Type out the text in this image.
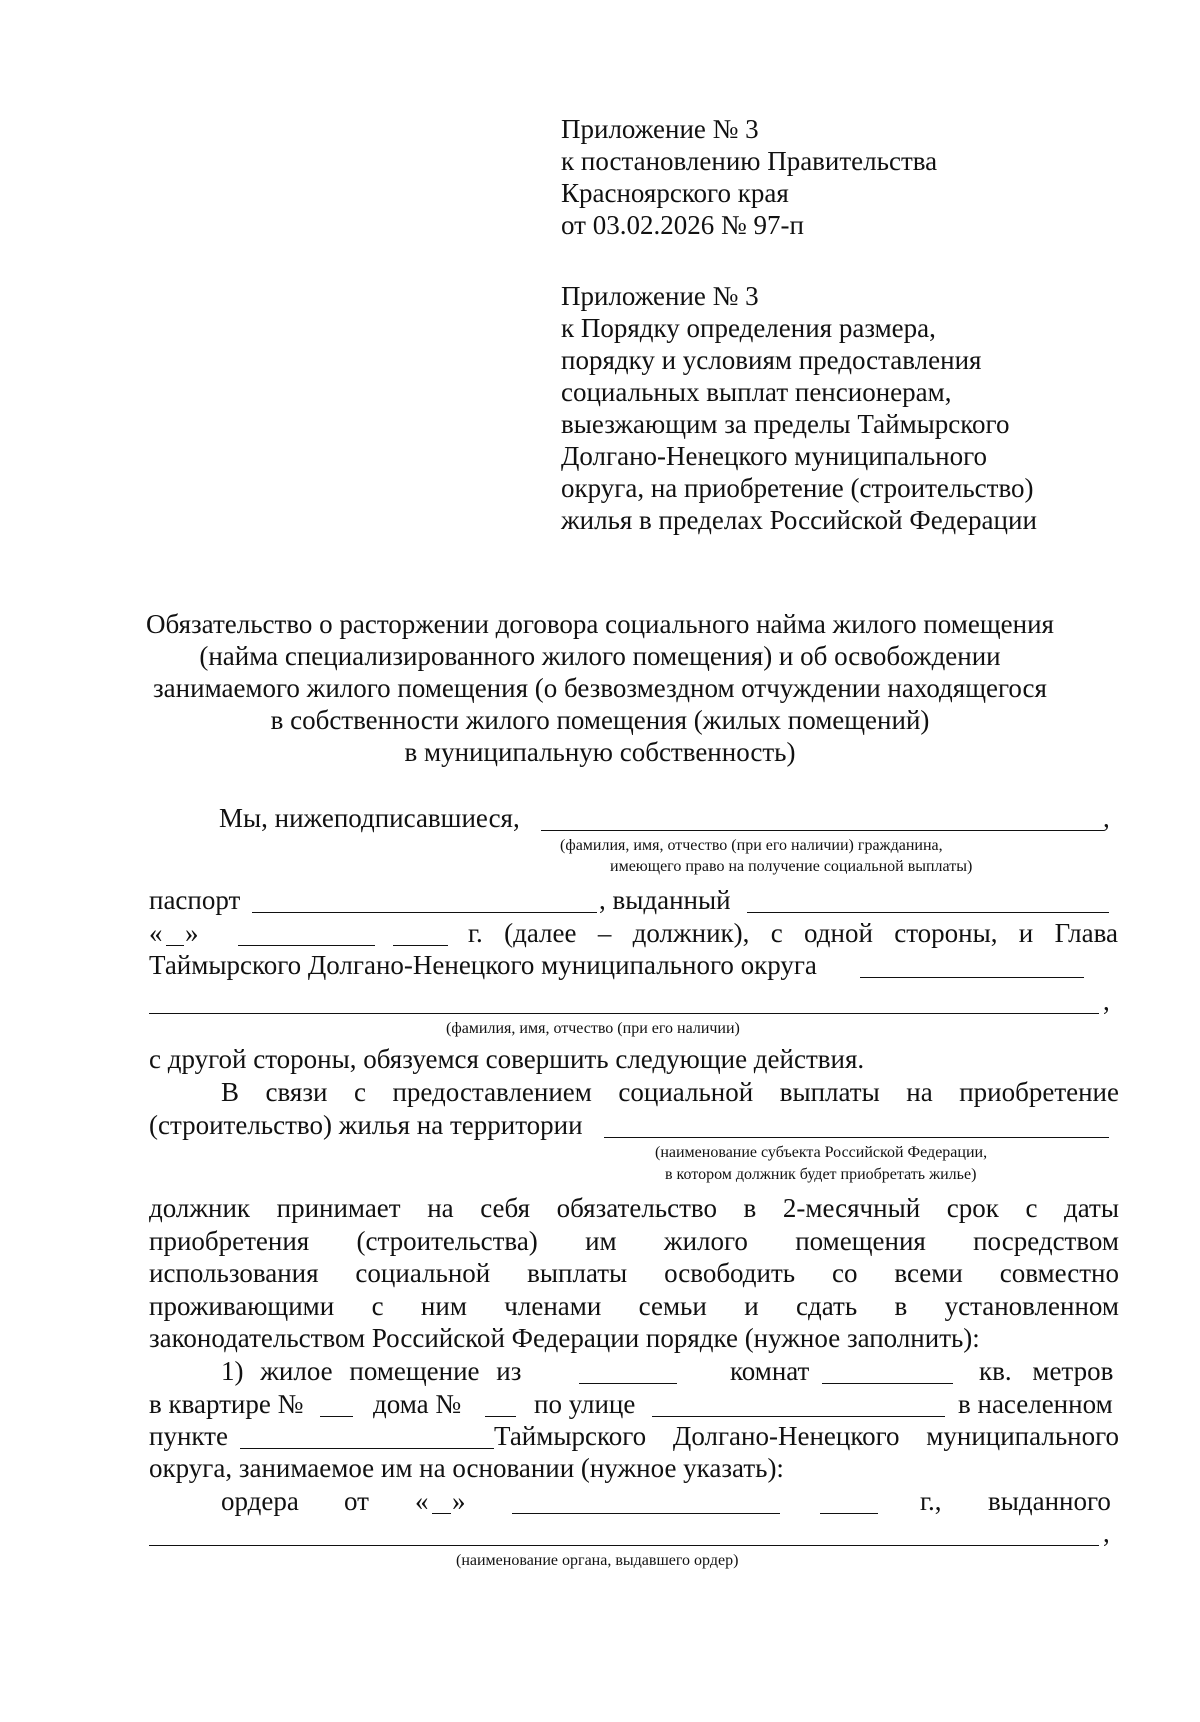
Приложение № 3
к постановлению Правительства
Красноярского края
от 03.02.2026 № 97-п
Приложение № 3
к Порядку определения размера,
порядку и условиям предоставления
социальных выплат пенсионерам,
выезжающим за пределы Таймырского
Долгано-Ненецкого муниципального
округа, на приобретение (строительство)
жилья в пределах Российской Федерации
Обязательство о расторжении договора социального найма жилого помещения
(найма специализированного жилого помещения) и об освобождении
занимаемого жилого помещения (о безвозмездном отчуждении находящегося
в собственности жилого помещения (жилых помещений)
в муниципальную собственность)
Мы, нижеподписавшиеся,	,
(фамилия, имя, отчество (при его наличии) гражданина,
имеющего право на получение социальной выплаты)
паспорт	, выданный
« »	г. (далее – должник), с одной стороны, и Глава
Таймырского Долгано-Ненецкого муниципального округа
,
(фамилия, имя, отчество (при его наличии)
с другой стороны, обязуемся совершить следующие действия.
В связи с предоставлением социальной выплаты на приобретение
(строительство) жилья на территории
(наименование субъекта Российской Федерации,
в котором должник будет приобретать жилье)
должник принимает на себя обязательство в 2-месячный срок с даты
приобретения (строительства) им жилого помещения посредством
использования социальной выплаты освободить со всеми совместно
проживающими с ним членами семьи и сдать в установленном
законодательством Российской Федерации порядке (нужное заполнить):
1) жилое помещение из	комнат	кв. метров
в квартире №	дома №	по улице	в населенном
пункте	Таймырского Долгано-Ненецкого муниципального
округа, занимаемое им на основании (нужное указать):
ордера от « »	г., выданного
,
(наименование органа, выдавшего ордер)
